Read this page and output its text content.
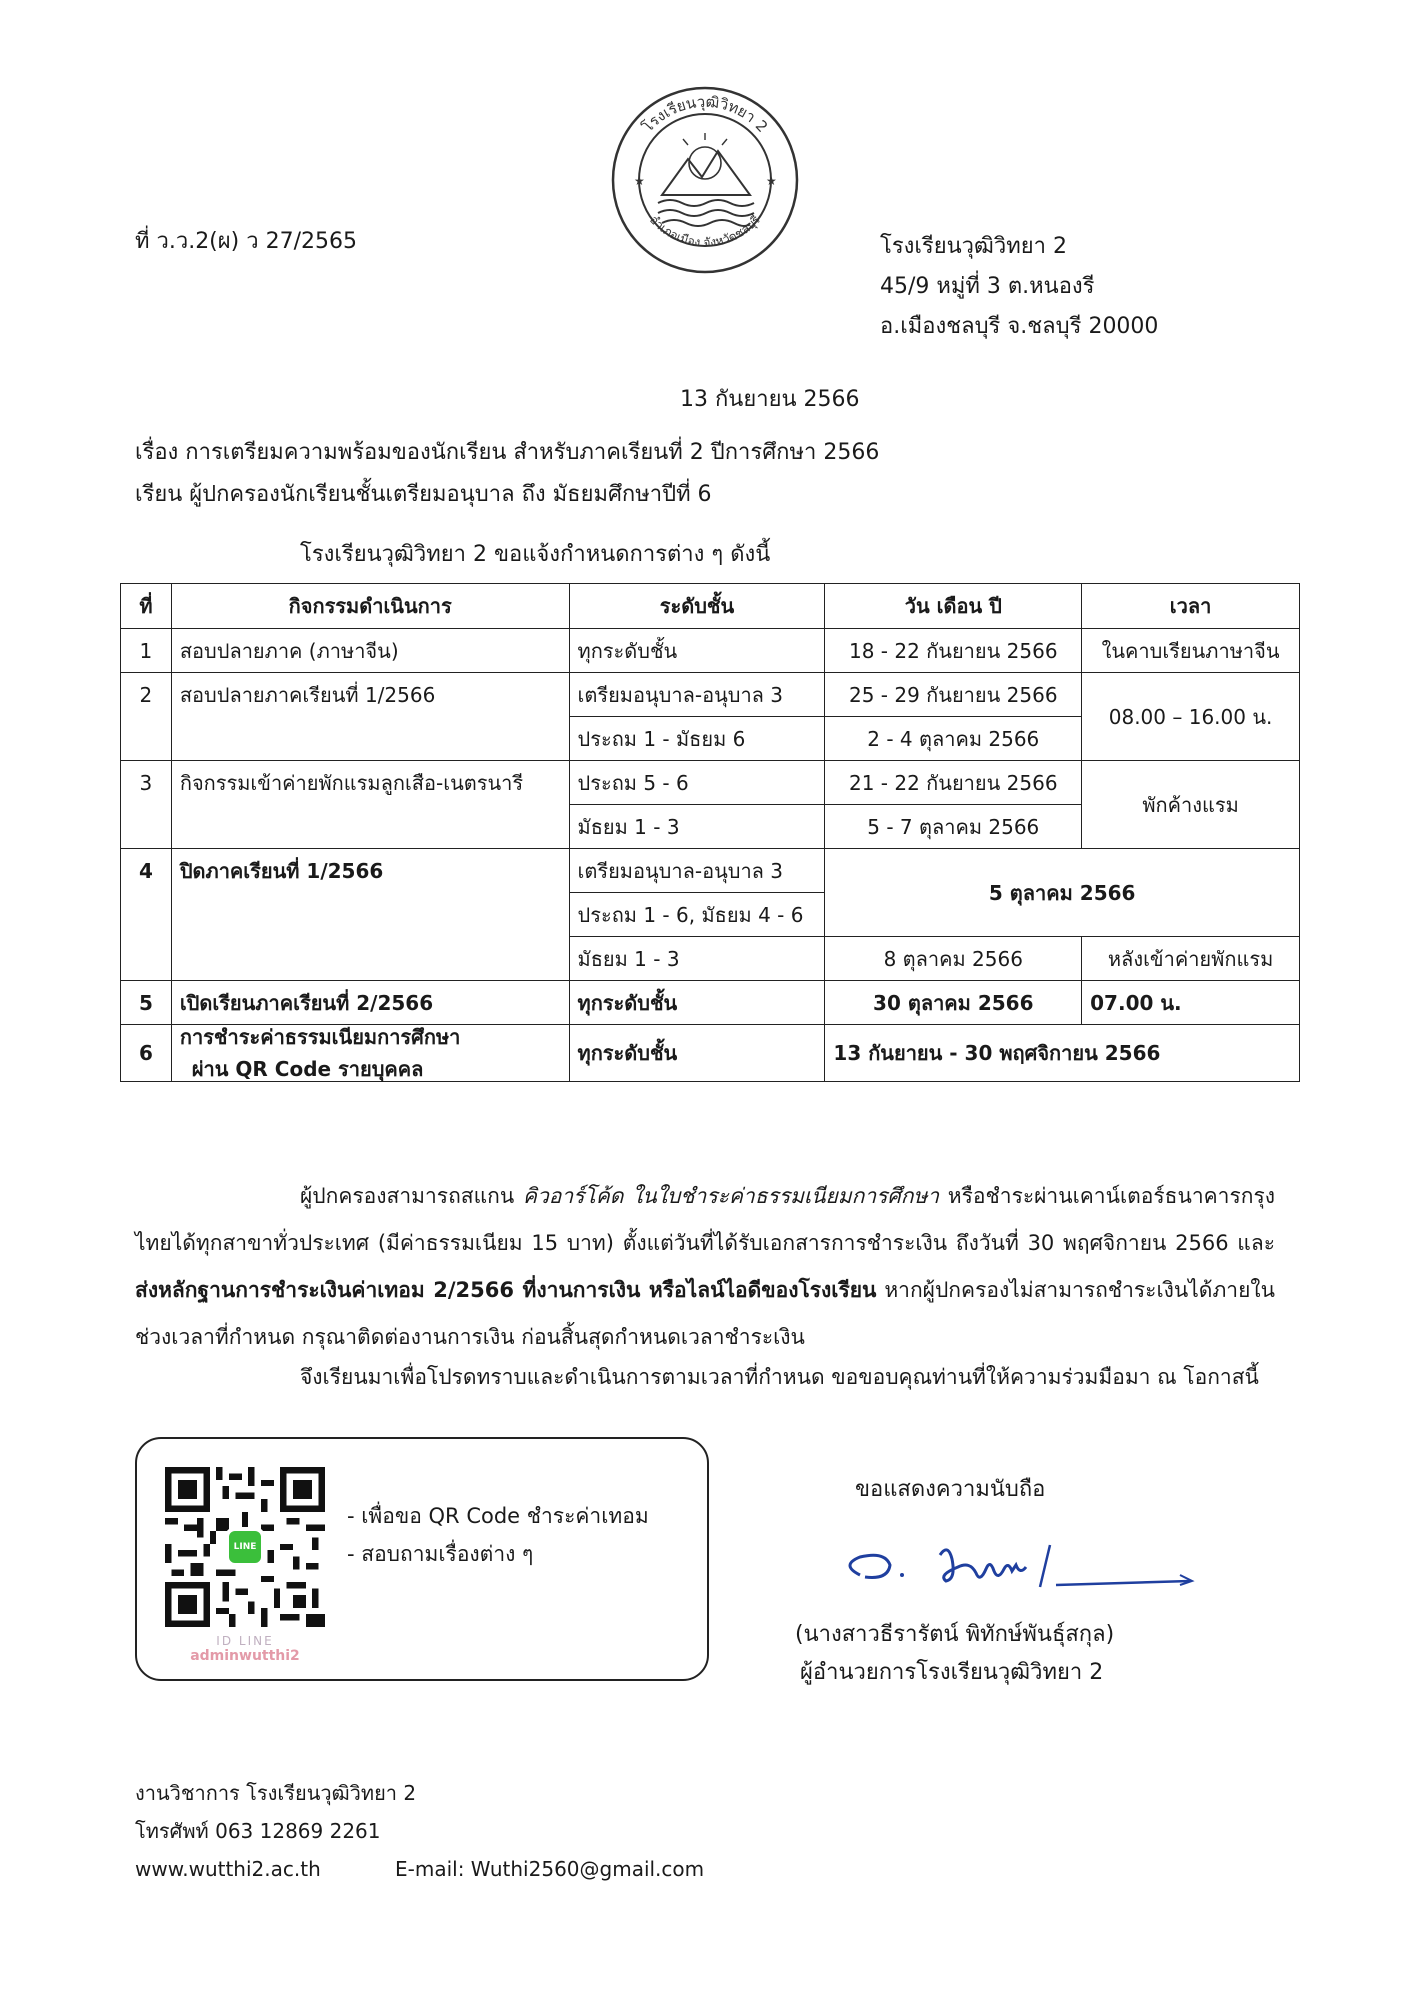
โรงเรียนวุฒิวิทยา 2
อำเภอเมือง จังหวัดชลบุรี
★	★
ที่ ว.ว.2(ผ) ว 27/2565	โรงเรียนวุฒิวิทยา 2
45/9 หมู่ที่ 3 ต.หนองรี
อ.เมืองชลบุรี จ.ชลบุรี 20000
13 กันยายน 2566
เรื่อง การเตรียมความพร้อมของนักเรียน สำหรับภาคเรียนที่ 2 ปีการศึกษา 2566
เรียน ผู้ปกครองนักเรียนชั้นเตรียมอนุบาล ถึง มัธยมศึกษาปีที่ 6
โรงเรียนวุฒิวิทยา 2 ขอแจ้งกำหนดการต่าง ๆ ดังนี้
ที่	กิจกรรมดำเนินการ	ระดับชั้น	วัน เดือน ปี	เวลา
1	สอบปลายภาค (ภาษาจีน)	ทุกระดับชั้น	18 - 22 กันยายน 2566	ในคาบเรียนภาษาจีน
2	สอบปลายภาคเรียนที่ 1/2566	เตรียมอนุบาล-อนุบาล 3	25 - 29 กันยายน 2566	08.00 – 16.00 น.
		ประถม 1 - มัธยม 6	2 - 4 ตุลาคม 2566	
3	กิจกรรมเข้าค่ายพักแรมลูกเสือ-เนตรนารี	ประถม 5 - 6	21 - 22 กันยายน 2566	พักค้างแรม
		มัธยม 1 - 3	5 - 7 ตุลาคม 2566	
4	ปิดภาคเรียนที่ 1/2566	เตรียมอนุบาล-อนุบาล 3	5 ตุลาคม 2566	
		ประถม 1 - 6, มัธยม 4 - 6		
		มัธยม 1 - 3	8 ตุลาคม 2566	หลังเข้าค่ายพักแรม
5	เปิดเรียนภาคเรียนที่ 2/2566	ทุกระดับชั้น	30 ตุลาคม 2566	07.00 น.
6	การชำระค่าธรรมเนียมการศึกษา
ผ่าน QR Code รายบุคคล	ทุกระดับชั้น	13 กันยายน - 30 พฤศจิกายน 2566	
ผู้ปกครองสามารถสแกน คิวอาร์โค้ด ในใบชำระค่าธรรมเนียมการศึกษา หรือชำระผ่านเคาน์เตอร์ธนาคารกรุงไทยได้ทุกสาขาทั่วประเทศ (มีค่าธรรมเนียม 15 บาท) ตั้งแต่วันที่ได้รับเอกสารการชำระเงิน ถึงวันที่ 30 พฤศจิกายน 2566 และส่งหลักฐานการชำระเงินค่าเทอม 2/2566 ที่งานการเงิน หรือไลน์ไอดีของโรงเรียน หากผู้ปกครองไม่สามารถชำระเงินได้ภายในช่วงเวลาที่กำหนด กรุณาติดต่องานการเงิน ก่อนสิ้นสุดกำหนดเวลาชำระเงิน
จึงเรียนมาเพื่อโปรดทราบและดำเนินการตามเวลาที่กำหนด ขอขอบคุณท่านที่ให้ความร่วมมือมา ณ โอกาสนี้
LINE
ID LINE
adminwutthi2
- เพื่อขอ QR Code ชำระค่าเทอม
- สอบถามเรื่องต่าง ๆ
ขอแสดงความนับถือ
(นางสาวธีรารัตน์ พิทักษ์พันธุ์สกุล)
ผู้อำนวยการโรงเรียนวุฒิวิทยา 2
งานวิชาการ โรงเรียนวุฒิวิทยา 2
โทรศัพท์ 063 12869 2261
www.wutthi2.ac.th	E-mail: Wuthi2560@gmail.com
